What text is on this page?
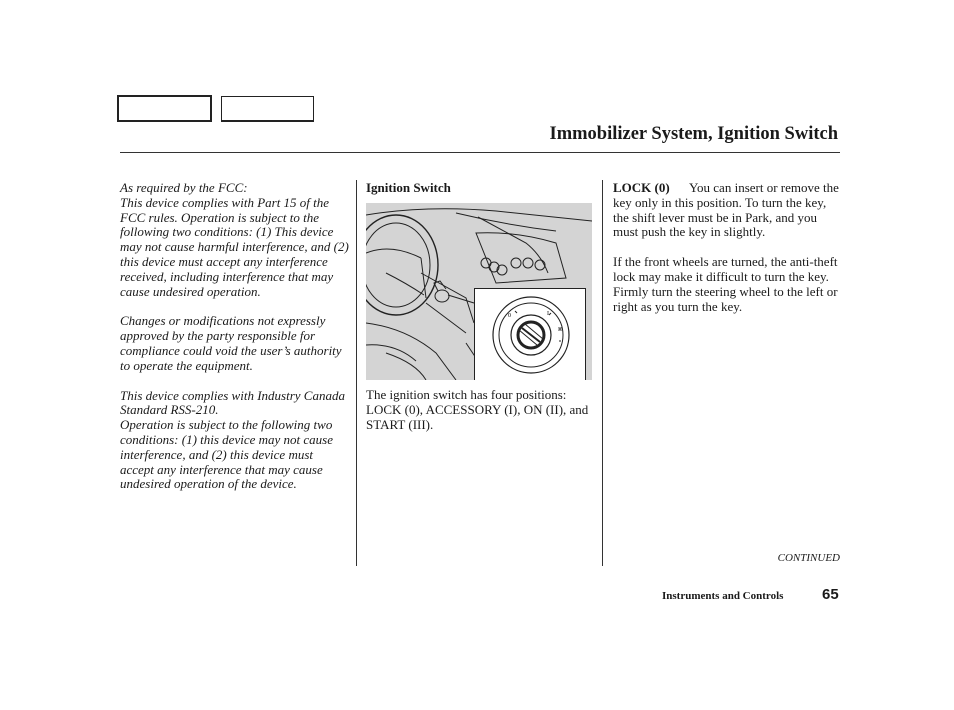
Immobilizer System, Ignition Switch

As required by the FCC:

This device complies with Part 15 of the FCC rules. Operation is subject to the following two conditions: (1) This device may not cause harmful interference, and (2) this device must accept any interference received, including interference that may cause undesired operation.

Changes or modifications not expressly approved by the party responsible for compliance could void the user’s authority to operate the equipment.

This device complies with Industry Canada Standard RSS-210.

Operation is subject to the following two conditions: (1) this device may not cause interference, and (2) this device must accept any interference that may cause undesired operation of the device.

Ignition Switch

0	I
II

The ignition switch has four positions: LOCK (0), ACCESSORY (I), ON (II), and START (III).

LOCK (0) You can insert or remove the key only in this position. To turn the key, the shift lever must be in Park, and you must push the key in slightly.

If the front wheels are turned, the anti-theft lock may make it difficult to turn the key. Firmly turn the steering wheel to the left or right as you turn the key.

CONTINUED
Instruments and Controls	65
